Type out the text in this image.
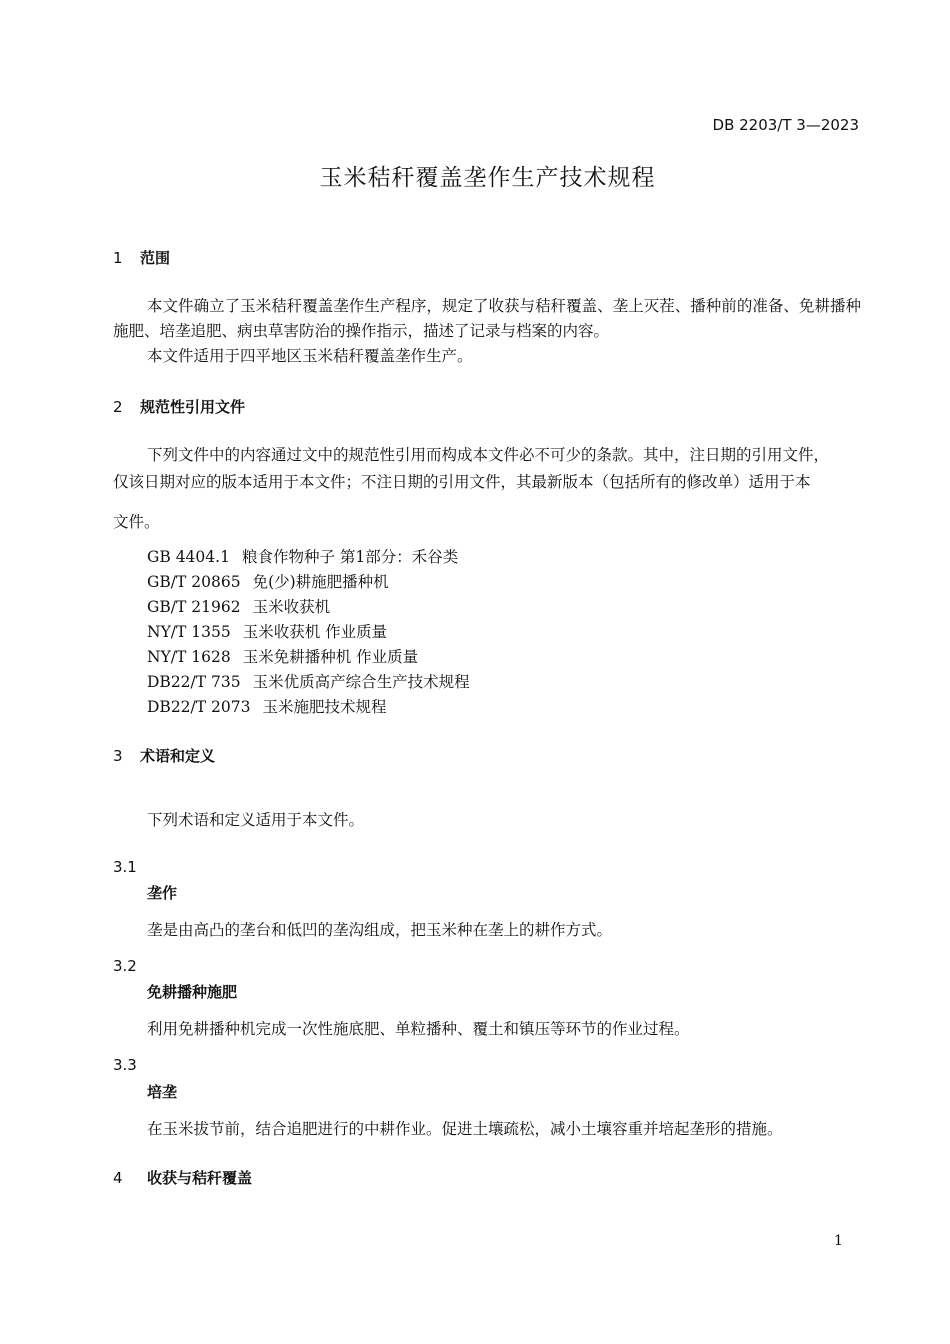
DB 2203/T 3—2023
玉米秸秆覆盖垄作生产技术规程
1 范围
本文件确立了玉米秸秆覆盖垄作生产程序，规定了收获与秸秆覆盖、垄上灭茬、播种前的准备、免耕播种施肥、培垄追肥、病虫草害防治的操作指示，描述了记录与档案的内容。
本文件适用于四平地区玉米秸秆覆盖垄作生产。
2 规范性引用文件
下列文件中的内容通过文中的规范性引用而构成本文件必不可少的条款。其中，注日期的引用文件，
仅该日期对应的版本适用于本文件；不注日期的引用文件，其最新版本（包括所有的修改单）适用于本
文件。
GB 4404.1 粮食作物种子 第1部分：禾谷类
GB/T 20865 免(少)耕施肥播种机
GB/T 21962 玉米收获机
NY/T 1355 玉米收获机 作业质量
NY/T 1628 玉米免耕播种机 作业质量
DB22/T 735 玉米优质高产综合生产技术规程
DB22/T 2073 玉米施肥技术规程
3 术语和定义
下列术语和定义适用于本文件。
3.1
垄作
垄是由高凸的垄台和低凹的垄沟组成，把玉米种在垄上的耕作方式。
3.2
免耕播种施肥
利用免耕播种机完成一次性施底肥、单粒播种、覆土和镇压等环节的作业过程。
3.3
培垄
在玉米拔节前，结合追肥进行的中耕作业。促进土壤疏松，减小土壤容重并培起垄形的措施。
4 收获与秸秆覆盖
1
